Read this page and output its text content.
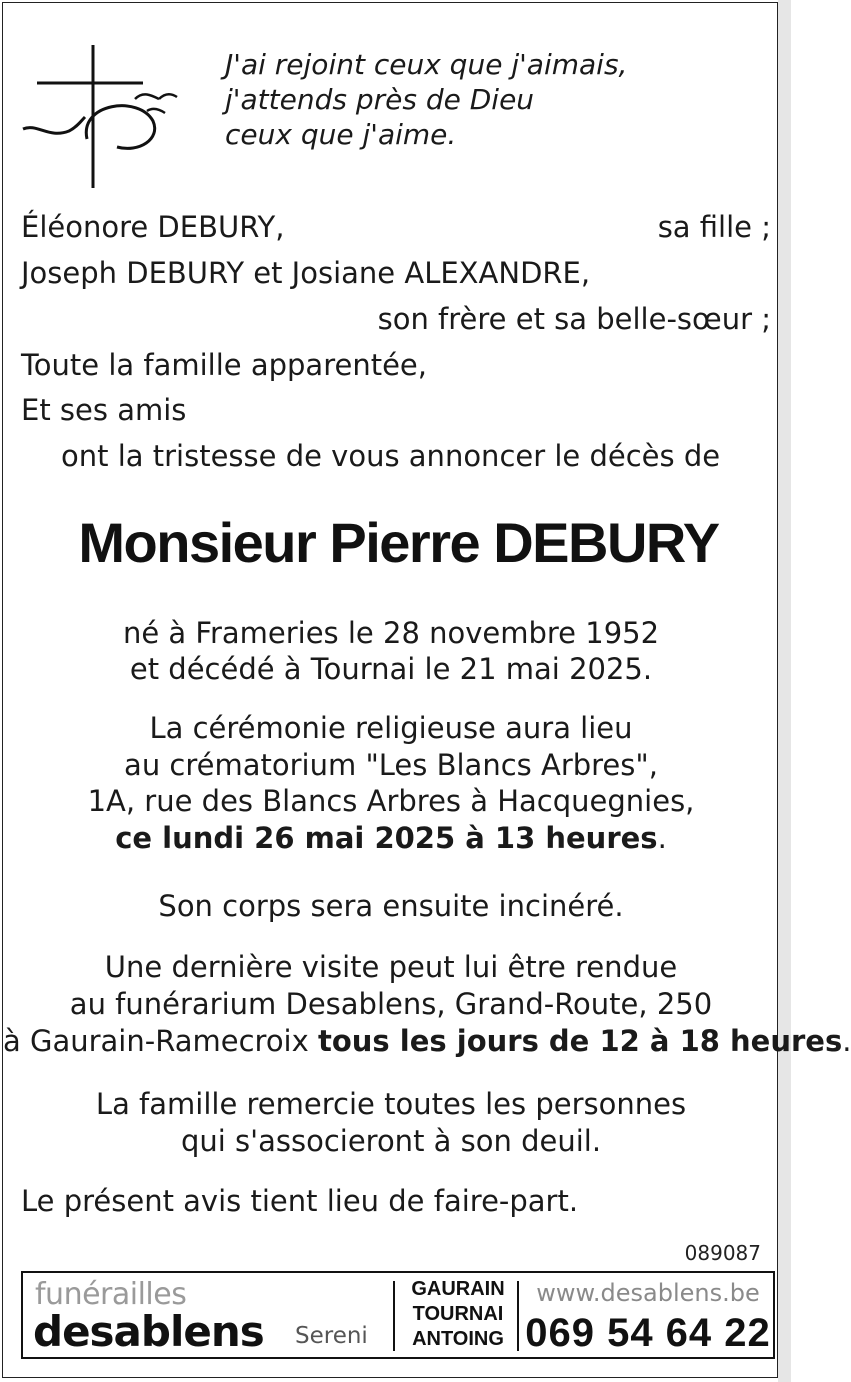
J'ai rejoint ceux que j'aimais,
j'attends près de Dieu
ceux que j'aime.
Éléonore DEBURY,	sa fille ;
Joseph DEBURY et Josiane ALEXANDRE,
son frère et sa belle-sœur ;
Toute la famille apparentée,
Et ses amis
ont la tristesse de vous annoncer le décès de
Monsieur Pierre DEBURY
né à Frameries le 28 novembre 1952
et décédé à Tournai le 21 mai 2025.
La cérémonie religieuse aura lieu
au crématorium "Les Blancs Arbres",
1A, rue des Blancs Arbres à Hacquegnies,
ce lundi 26 mai 2025 à 13 heures.
Son corps sera ensuite incinéré.
Une dernière visite peut lui être rendue
au funérarium Desablens, Grand-Route, 250
à Gaurain-Ramecroix tous les jours de 12 à 18 heures.
La famille remercie toutes les personnes
qui s'associeront à son deuil.
Le présent avis tient lieu de faire-part.
089087
funérailles
desablens Sereni
GAURAIN
TOURNAI
ANTOING
www.desablens.be
069 54 64 22
